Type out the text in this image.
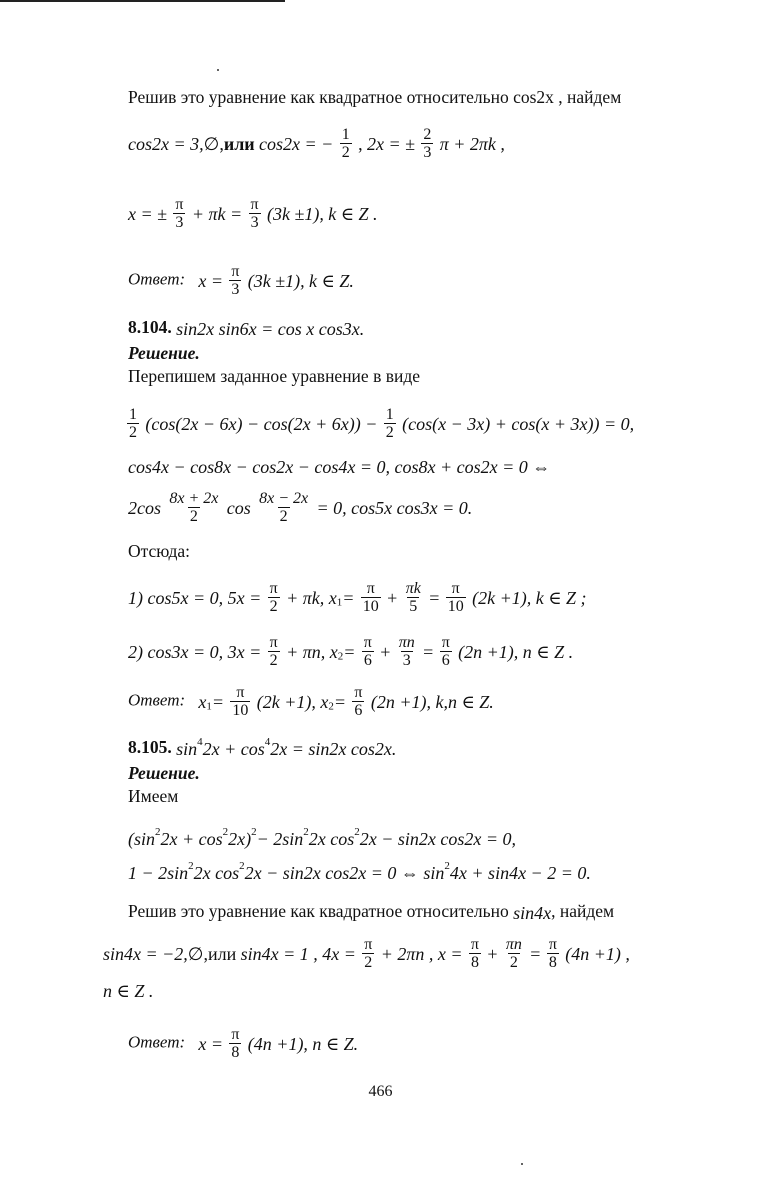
Решив это уравнение как квадратное относительно cos2x , найдем
cos2x = 3,∅,или cos2x = − $\frac{1}{2}$ , 2x = ± $\frac{2}{3}$ π + 2πk ,
x = ± $\frac{\pi}{3} + \pi k = \frac{\pi}{3} (3k \pm 1)$, k ∈ Z .
Ответ: $x = \frac{\pi}{3} (3k \pm 1)$, k ∈ Z.
8.104. sin2x sin6x = cos x cos3x.
Решение.
Перепишем заданное уравнение в виде
$\frac{1}{2} (\cos(2x - 6x) - \cos(2x + 6x)) - \frac{1}{2} (\cos(x - 3x) + \cos(x + 3x)) = 0$,
cos4x − cos8x − cos2x − cos4x = 0, cos8x + cos2x = 0 ⇔
$2\cos \frac{8x + 2x}{2}$ $\cos \frac{8x - 2x}{2} = 0$, cos5x cos3x = 0.
Отсюда:
1) cos5x = 0, $5x = \frac{\pi}{2} + \pi k$, $x_1= \frac{\pi}{10} + \frac{\pi k}{5} = \frac{\pi}{10} (2k +1)$, k ∈ Z ;
2) cos3x = 0, $3x = \frac{\pi}{2} + \pi n$, $x_2= \frac{\pi}{6} + \frac{\pi n}{3} = \frac{\pi}{6} (2n +1)$, n ∈ Z .
Ответ: $x_1= \frac{\pi}{10} (2k +1)$, $x_2= \frac{\pi}{6} (2n +1)$, k,n ∈ Z.
8.105. $\sin^42x + \cos^42x = \sin 2x$ cos2x.
Решение.
Имеем
$(\sin^22x + \cos^22x)^2- 2\sin^22x$ $\cos^22x - \sin 2x$ cos2x = 0,
$1 - 2\sin^22x$ $\cos^22x - \sin 2x$ cos2x = 0 ⇔ $\sin^24x + \sin 4x - 2 = 0$.
Решив это уравнение как квадратное относительно sin4x, найдем
sin4x = −2,∅,или sin4x = 1 , $4x = \frac{\pi}{2} + 2\pi n$ , $x = \frac{\pi}{8} + \frac{\pi n}{2} = \frac{\pi}{8} (4n +1)$ ,
n ∈ Z .
Ответ: $x = \frac{\pi}{8} (4n +1)$, n ∈ Z.
466
